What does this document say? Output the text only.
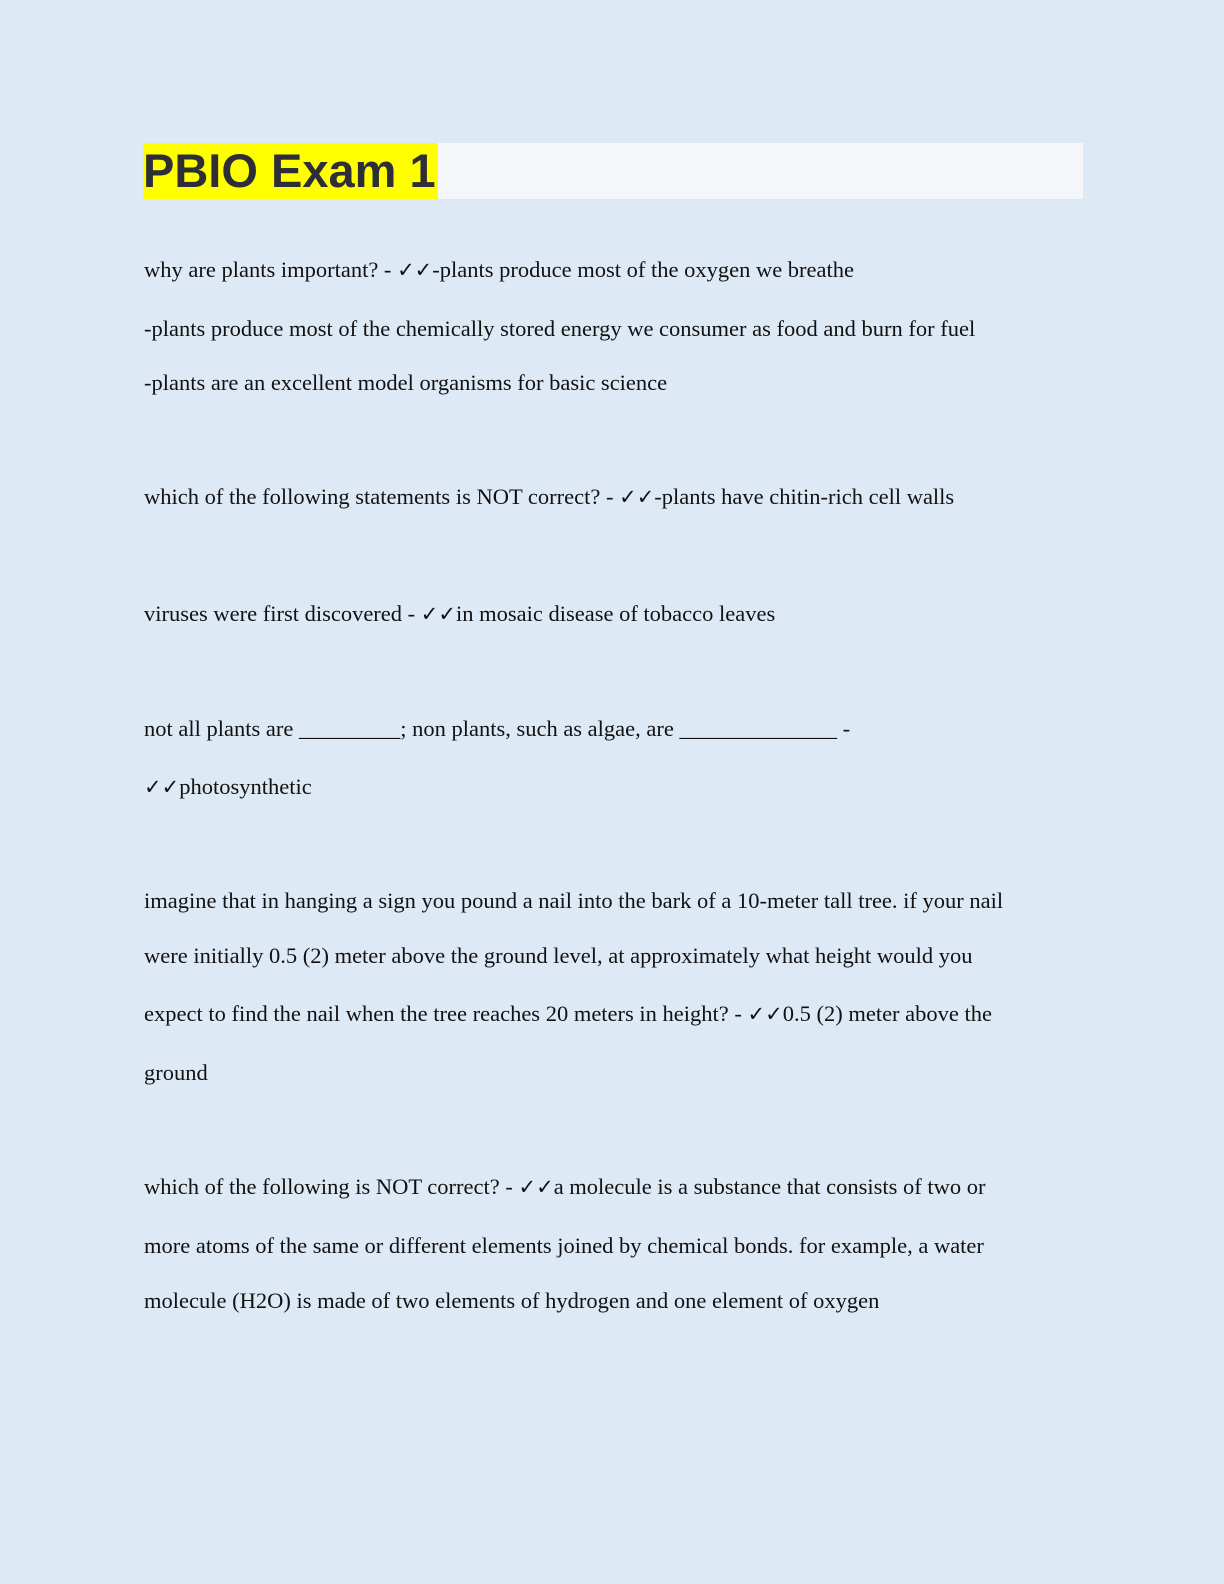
PBIO Exam 1
why are plants important? - ✓✓-plants produce most of the oxygen we breathe
-plants produce most of the chemically stored energy we consumer as food and burn for fuel
-plants are an excellent model organisms for basic science
which of the following statements is NOT correct? - ✓✓-plants have chitin-rich cell walls
viruses were first discovered - ✓✓in mosaic disease of tobacco leaves
not all plants are _________; non plants, such as algae, are ______________ -
✓✓photosynthetic
imagine that in hanging a sign you pound a nail into the bark of a 10-meter tall tree. if your nail
were initially 0.5 (2) meter above the ground level, at approximately what height would you
expect to find the nail when the tree reaches 20 meters in height? - ✓✓0.5 (2) meter above the
ground
which of the following is NOT correct? - ✓✓a molecule is a substance that consists of two or
more atoms of the same or different elements joined by chemical bonds. for example, a water
molecule (H2O) is made of two elements of hydrogen and one element of oxygen
